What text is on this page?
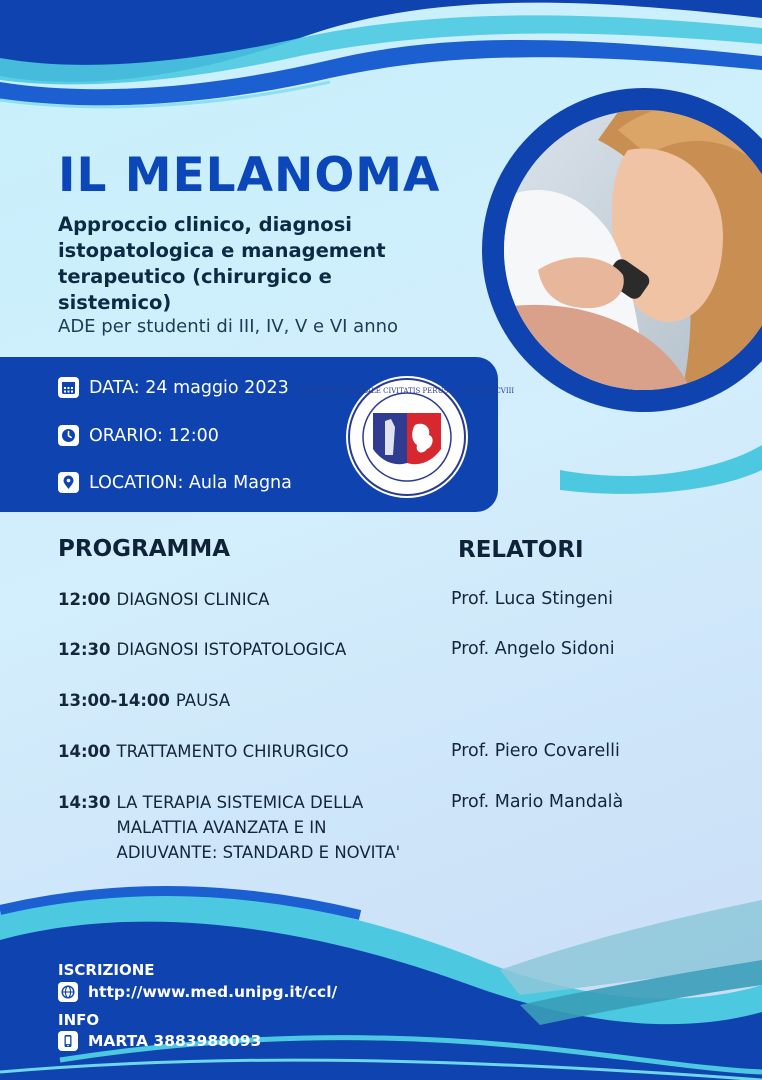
IL MELANOMA

Approccio clinico, diagnosi istopatologica e management terapeutico (chirurgico e sistemico)

ADE per studenti di III, IV, V e VI anno

DATA: 24 maggio 2023
ORARIO: 12:00
LOCATION: Aula Magna
STUDIUM GENERALE CIVITATIS PERUSII · A.D. MCCCVIII
PROGRAMMA	RELATORI
12:00 DIAGNOSI CLINICA
12:30 DIAGNOSI ISTOPATOLOGICA
13:00-14:00 PAUSA
14:00 TRATTAMENTO CHIRURGICO
14:30 LA TERAPIA SISTEMICA DELLA MALATTIA AVANZATA E IN ADIUVANTE: STANDARD E NOVITA'
Prof. Luca Stingeni
Prof. Angelo Sidoni
Prof. Piero Covarelli
Prof. Mario Mandalà

ISCRIZIONE

http://www.med.unipg.it/ccl/

INFO

MARTA 3883988093
